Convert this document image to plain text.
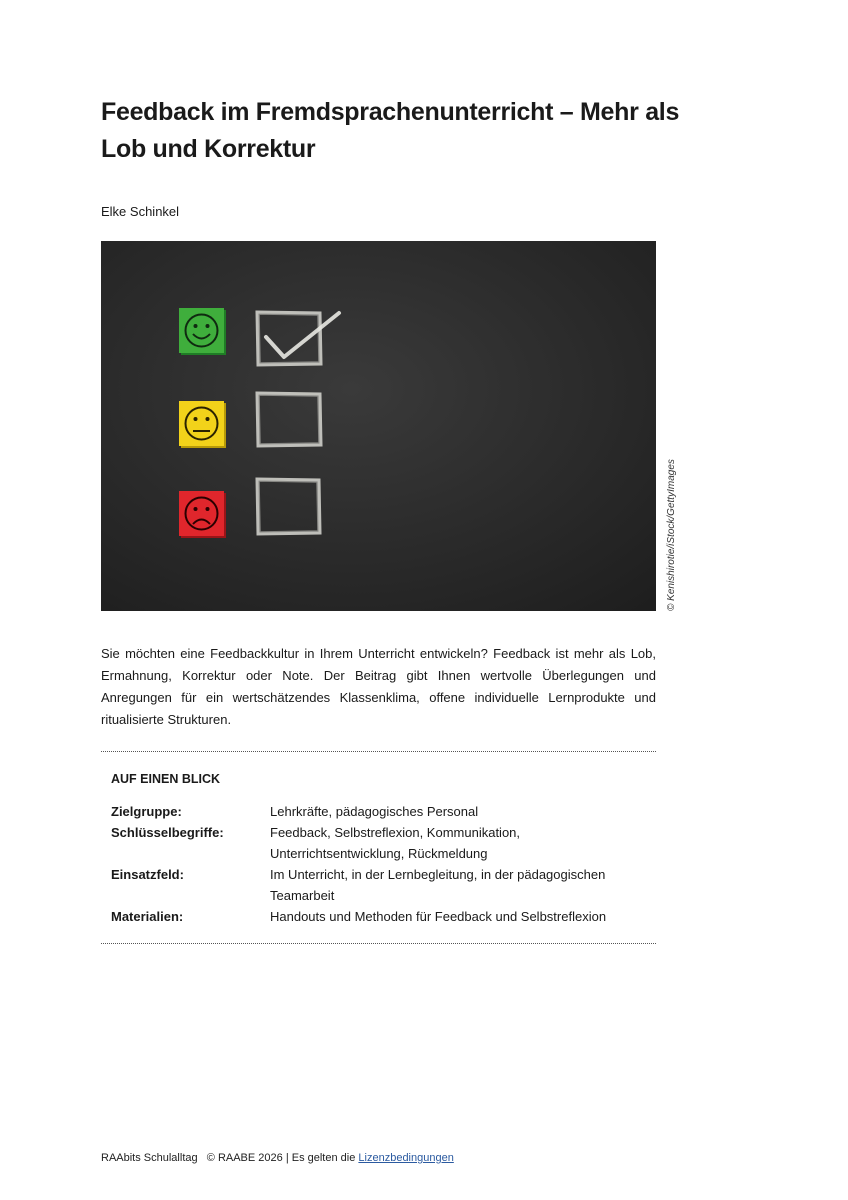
Feedback im Fremdsprachenunterricht – Mehr als Lob und Korrektur
Elke Schinkel
© Kenishirotie/iStock/GettyImages
Sie möchten eine Feedbackkultur in Ihrem Unterricht entwickeln? Feedback ist mehr als Lob, Ermahnung, Korrektur oder Note. Der Beitrag gibt Ihnen wertvolle Überlegungen und Anregungen für ein wertschätzendes Klassenklima, offene individuelle Lernprodukte und ritualisierte Strukturen.
AUF EINEN BLICK
Zielgruppe:	Lehrkräfte, pädagogisches Personal
Schlüsselbegriffe:	Feedback, Selbstreflexion, Kommunikation, Unterrichtsentwicklung, Rückmeldung
Einsatzfeld:	Im Unterricht, in der Lernbegleitung, in der pädagogischen Teamarbeit
Materialien:	Handouts und Methoden für Feedback und Selbstreflexion
RAAbits Schulalltag © RAABE 2026 | Es gelten die Lizenzbedingungen
